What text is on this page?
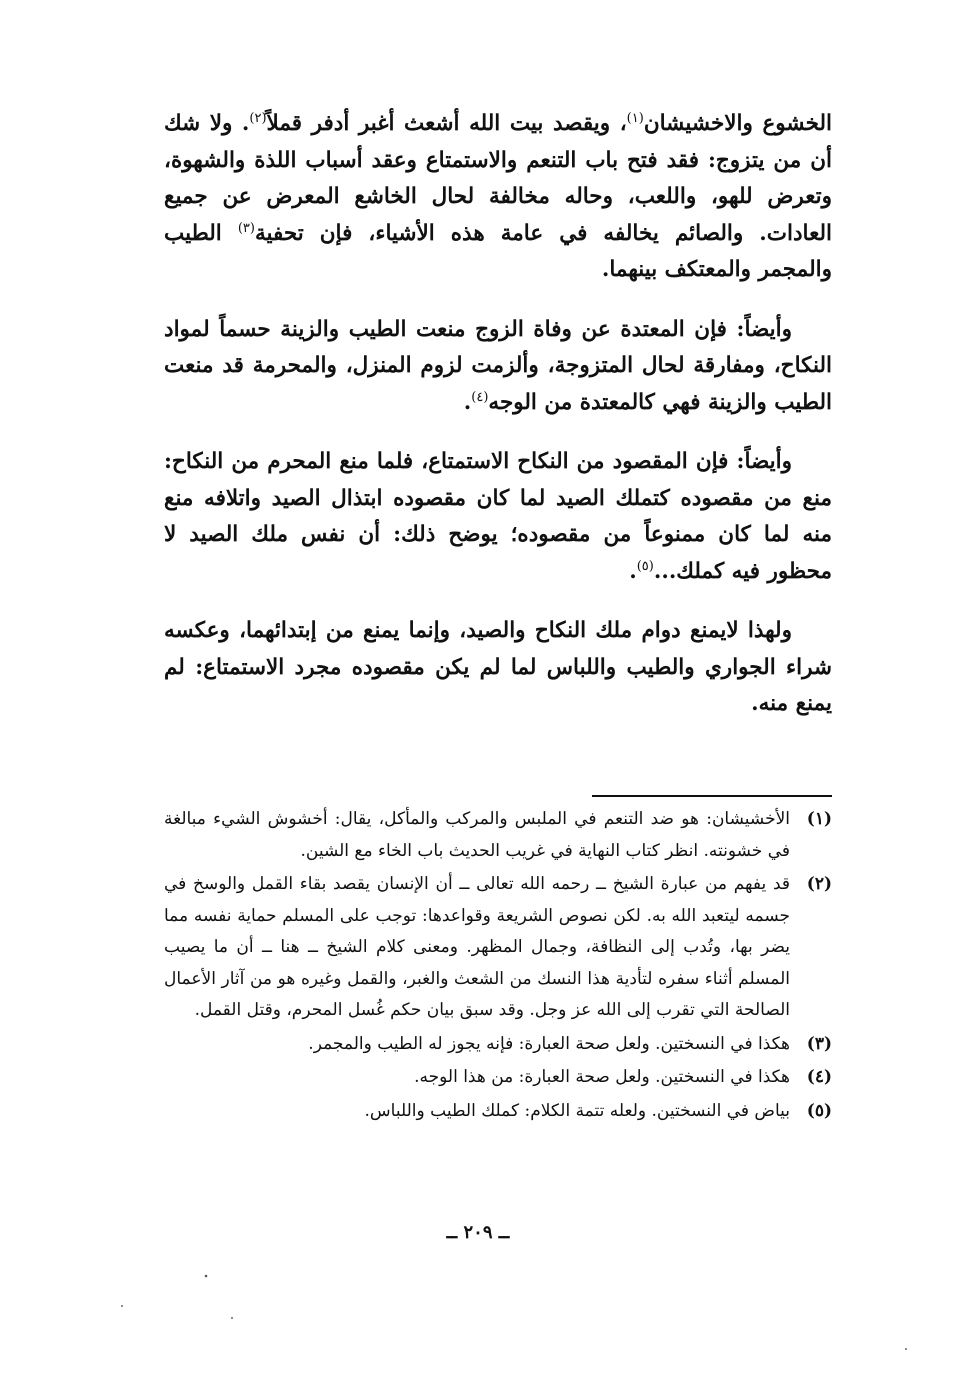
الخشوع والاخشيشان$^{(١)}$، ويقصد بيت الله أشعث أغبر أدفر قملاً$^{(٢)}$. ولا شك أن من يتزوج: فقد فتح باب التنعم والاستمتاع وعقد أسباب اللذة والشهوة، وتعرض للهو، واللعب، وحاله مخالفة لحال الخاشع المعرض عن جميع العادات. والصائم يخالفه في عامة هذه الأشياء، فإن تحفية$^{(٣)}$ الطيب والمجمر والمعتكف بينهما.

وأيضاً: فإن المعتدة عن وفاة الزوج منعت الطيب والزينة حسماً لمواد النكاح، ومفارقة لحال المتزوجة، وألزمت لزوم المنزل، والمحرمة قد منعت الطيب والزينة فهي كالمعتدة من الوجه$^{(٤)}$.

وأيضاً: فإن المقصود من النكاح الاستمتاع، فلما منع المحرم من النكاح: منع من مقصوده كتملك الصيد لما كان مقصوده ابتذال الصيد واتلافه منع منه لما كان ممنوعاً من مقصوده؛ يوضح ذلك: أن نفس ملك الصيد لا محظور فيه كملك...$^{(٥)}$.

ولهذا لايمنع دوام ملك النكاح والصيد، وإنما يمنع من إبتدائهما، وعكسه شراء الجواري والطيب واللباس لما لم يكن مقصوده مجرد الاستمتاع: لم يمنع منه.

(١)
الأخشيشان: هو ضد التنعم في الملبس والمركب والمأكل، يقال: أخشوش الشيء مبالغة في خشونته. انظر كتاب النهاية في غريب الحديث باب الخاء مع الشين.
(٢)
قد يفهم من عبارة الشيخ ــ رحمه الله تعالى ــ أن الإنسان يقصد بقاء القمل والوسخ في جسمه ليتعبد الله به. لكن نصوص الشريعة وقواعدها: توجب على المسلم حماية نفسه مما يضر بها، وتُدب إلى النظافة، وجمال المظهر. ومعنى كلام الشيخ ــ هنا ــ أن ما يصيب المسلم أثناء سفره لتأدية هذا النسك من الشعث والغبر، والقمل وغيره هو من آثار الأعمال الصالحة التي تقرب إلى الله عز وجل. وقد سبق بيان حكم غُسل المحرم، وقتل القمل.
(٣)
هكذا في النسختين. ولعل صحة العبارة: فإنه يجوز له الطيب والمجمر.
(٤)
هكذا في النسختين. ولعل صحة العبارة: من هذا الوجه.
(٥)
بياض في النسختين. ولعله تتمة الكلام: كملك الطيب واللباس.
ــ ٢٠٩ ــ
